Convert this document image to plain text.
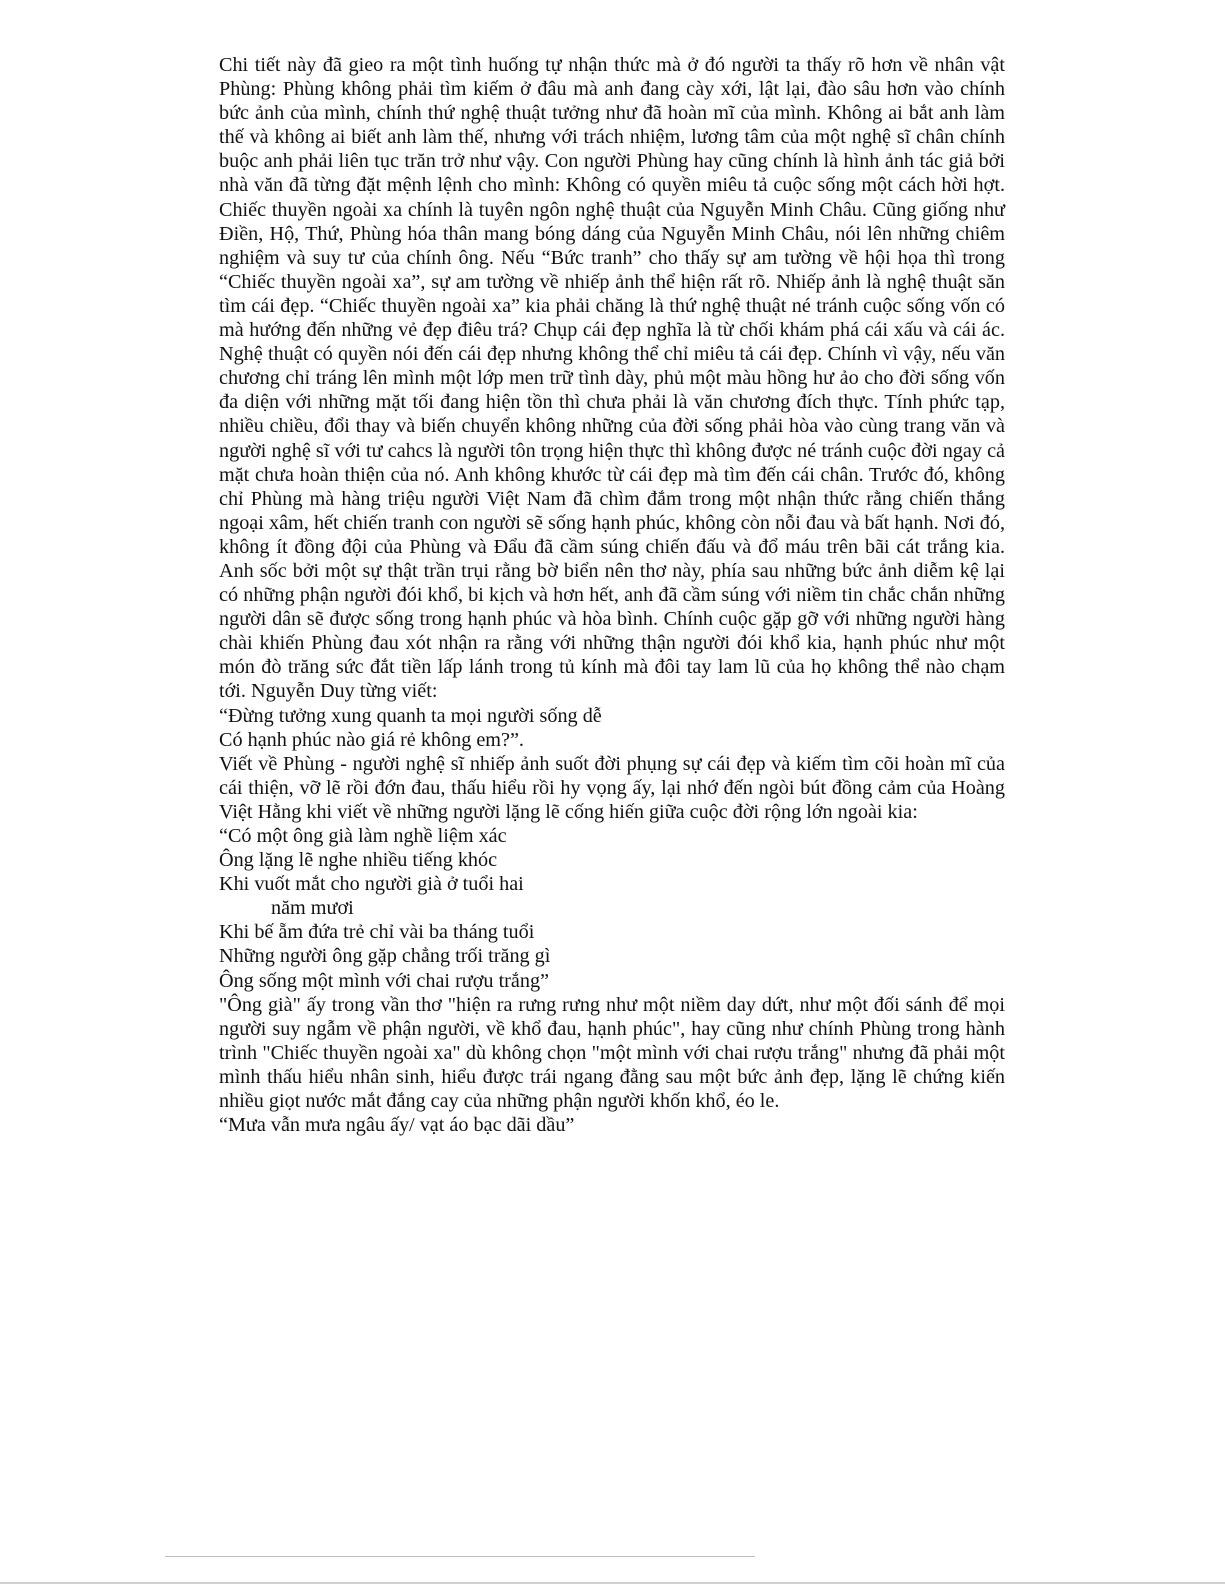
Chi tiết này đã gieo ra một tình huống tự nhận thức mà ở đó người ta thấy rõ hơn về nhân vật Phùng: Phùng không phải tìm kiếm ở đâu mà anh đang cày xới, lật lại, đào sâu hơn vào chính bức ảnh của mình, chính thứ nghệ thuật tưởng như đã hoàn mĩ của mình. Không ai bắt anh làm thế và không ai biết anh làm thế, nhưng với trách nhiệm, lương tâm của một nghệ sĩ chân chính buộc anh phải liên tục trăn trở như vậy. Con người Phùng hay cũng chính là hình ảnh tác giả bởi nhà văn đã từng đặt mệnh lệnh cho mình: Không có quyền miêu tả cuộc sống một cách hời hợt. Chiếc thuyền ngoài xa chính là tuyên ngôn nghệ thuật của Nguyễn Minh Châu. Cũng giống như Điền, Hộ, Thứ, Phùng hóa thân mang bóng dáng của Nguyễn Minh Châu, nói lên những chiêm nghiệm và suy tư của chính ông. Nếu “Bức tranh” cho thấy sự am tường về hội họa thì trong “Chiếc thuyền ngoài xa”, sự am tường về nhiếp ảnh thể hiện rất rõ. Nhiếp ảnh là nghệ thuật săn tìm cái đẹp. “Chiếc thuyền ngoài xa” kia phải chăng là thứ nghệ thuật né tránh cuộc sống vốn có mà hướng đến những vẻ đẹp điêu trá? Chụp cái đẹp nghĩa là từ chối khám phá cái xấu và cái ác. Nghệ thuật có quyền nói đến cái đẹp nhưng không thể chỉ miêu tả cái đẹp. Chính vì vậy, nếu văn chương chỉ tráng lên mình một lớp men trữ tình dày, phủ một màu hồng hư ảo cho đời sống vốn đa diện với những mặt tối đang hiện tồn thì chưa phải là văn chương đích thực. Tính phức tạp, nhiều chiều, đổi thay và biến chuyển không những của đời sống phải hòa vào cùng trang văn và người nghệ sĩ với tư cahcs là người tôn trọng hiện thực thì không được né tránh cuộc đời ngay cả mặt chưa hoàn thiện của nó. Anh không khước từ cái đẹp mà tìm đến cái chân. Trước đó, không chỉ Phùng mà hàng triệu người Việt Nam đã chìm đắm trong một nhận thức rằng chiến thắng ngoại xâm, hết chiến tranh con người sẽ sống hạnh phúc, không còn nỗi đau và bất hạnh. Nơi đó, không ít đồng đội của Phùng và Đẩu đã cầm súng chiến đấu và đổ máu trên bãi cát trắng kia. Anh sốc bởi một sự thật trần trụi rằng bờ biển nên thơ này, phía sau những bức ảnh diễm kệ lại có những phận người đói khổ, bi kịch và hơn hết, anh đã cầm súng với niềm tin chắc chắn những người dân sẽ được sống trong hạnh phúc và hòa bình. Chính cuộc gặp gỡ với những người hàng chài khiến Phùng đau xót nhận ra rằng với những thận người đói khổ kia, hạnh phúc như một món đò trăng sức đắt tiền lấp lánh trong tủ kính mà đôi tay lam lũ của họ không thể nào chạm tới. Nguyễn Duy từng viết:

“Đừng tưởng xung quanh ta mọi người sống dễ

Có hạnh phúc nào giá rẻ không em?”.

Viết về Phùng - người nghệ sĩ nhiếp ảnh suốt đời phụng sự cái đẹp và kiếm tìm cõi hoàn mĩ của cái thiện, vỡ lẽ rồi đớn đau, thấu hiểu rồi hy vọng ấy, lại nhớ đến ngòi bút đồng cảm của Hoàng Việt Hằng khi viết về những người lặng lẽ cống hiến giữa cuộc đời rộng lớn ngoài kia:

“Có một ông già làm nghề liệm xác

Ông lặng lẽ nghe nhiều tiếng khóc

Khi vuốt mắt cho người già ở tuổi hai

năm mươi

Khi bế ẵm đứa trẻ chỉ vài ba tháng tuổi

Những người ông gặp chẳng trối trăng gì

Ông sống một mình với chai rượu trắng”

"Ông già" ấy trong vần thơ "hiện ra rưng rưng như một niềm day dứt, như một đối sánh để mọi người suy ngẫm về phận người, về khổ đau, hạnh phúc", hay cũng như chính Phùng trong hành trình "Chiếc thuyền ngoài xa" dù không chọn "một mình với chai rượu trắng" nhưng đã phải một mình thấu hiểu nhân sinh, hiểu được trái ngang đằng sau một bức ảnh đẹp, lặng lẽ chứng kiến nhiều giọt nước mắt đắng cay của những phận người khốn khổ, éo le.

“Mưa vẫn mưa ngâu ấy/ vạt áo bạc dãi dầu”
